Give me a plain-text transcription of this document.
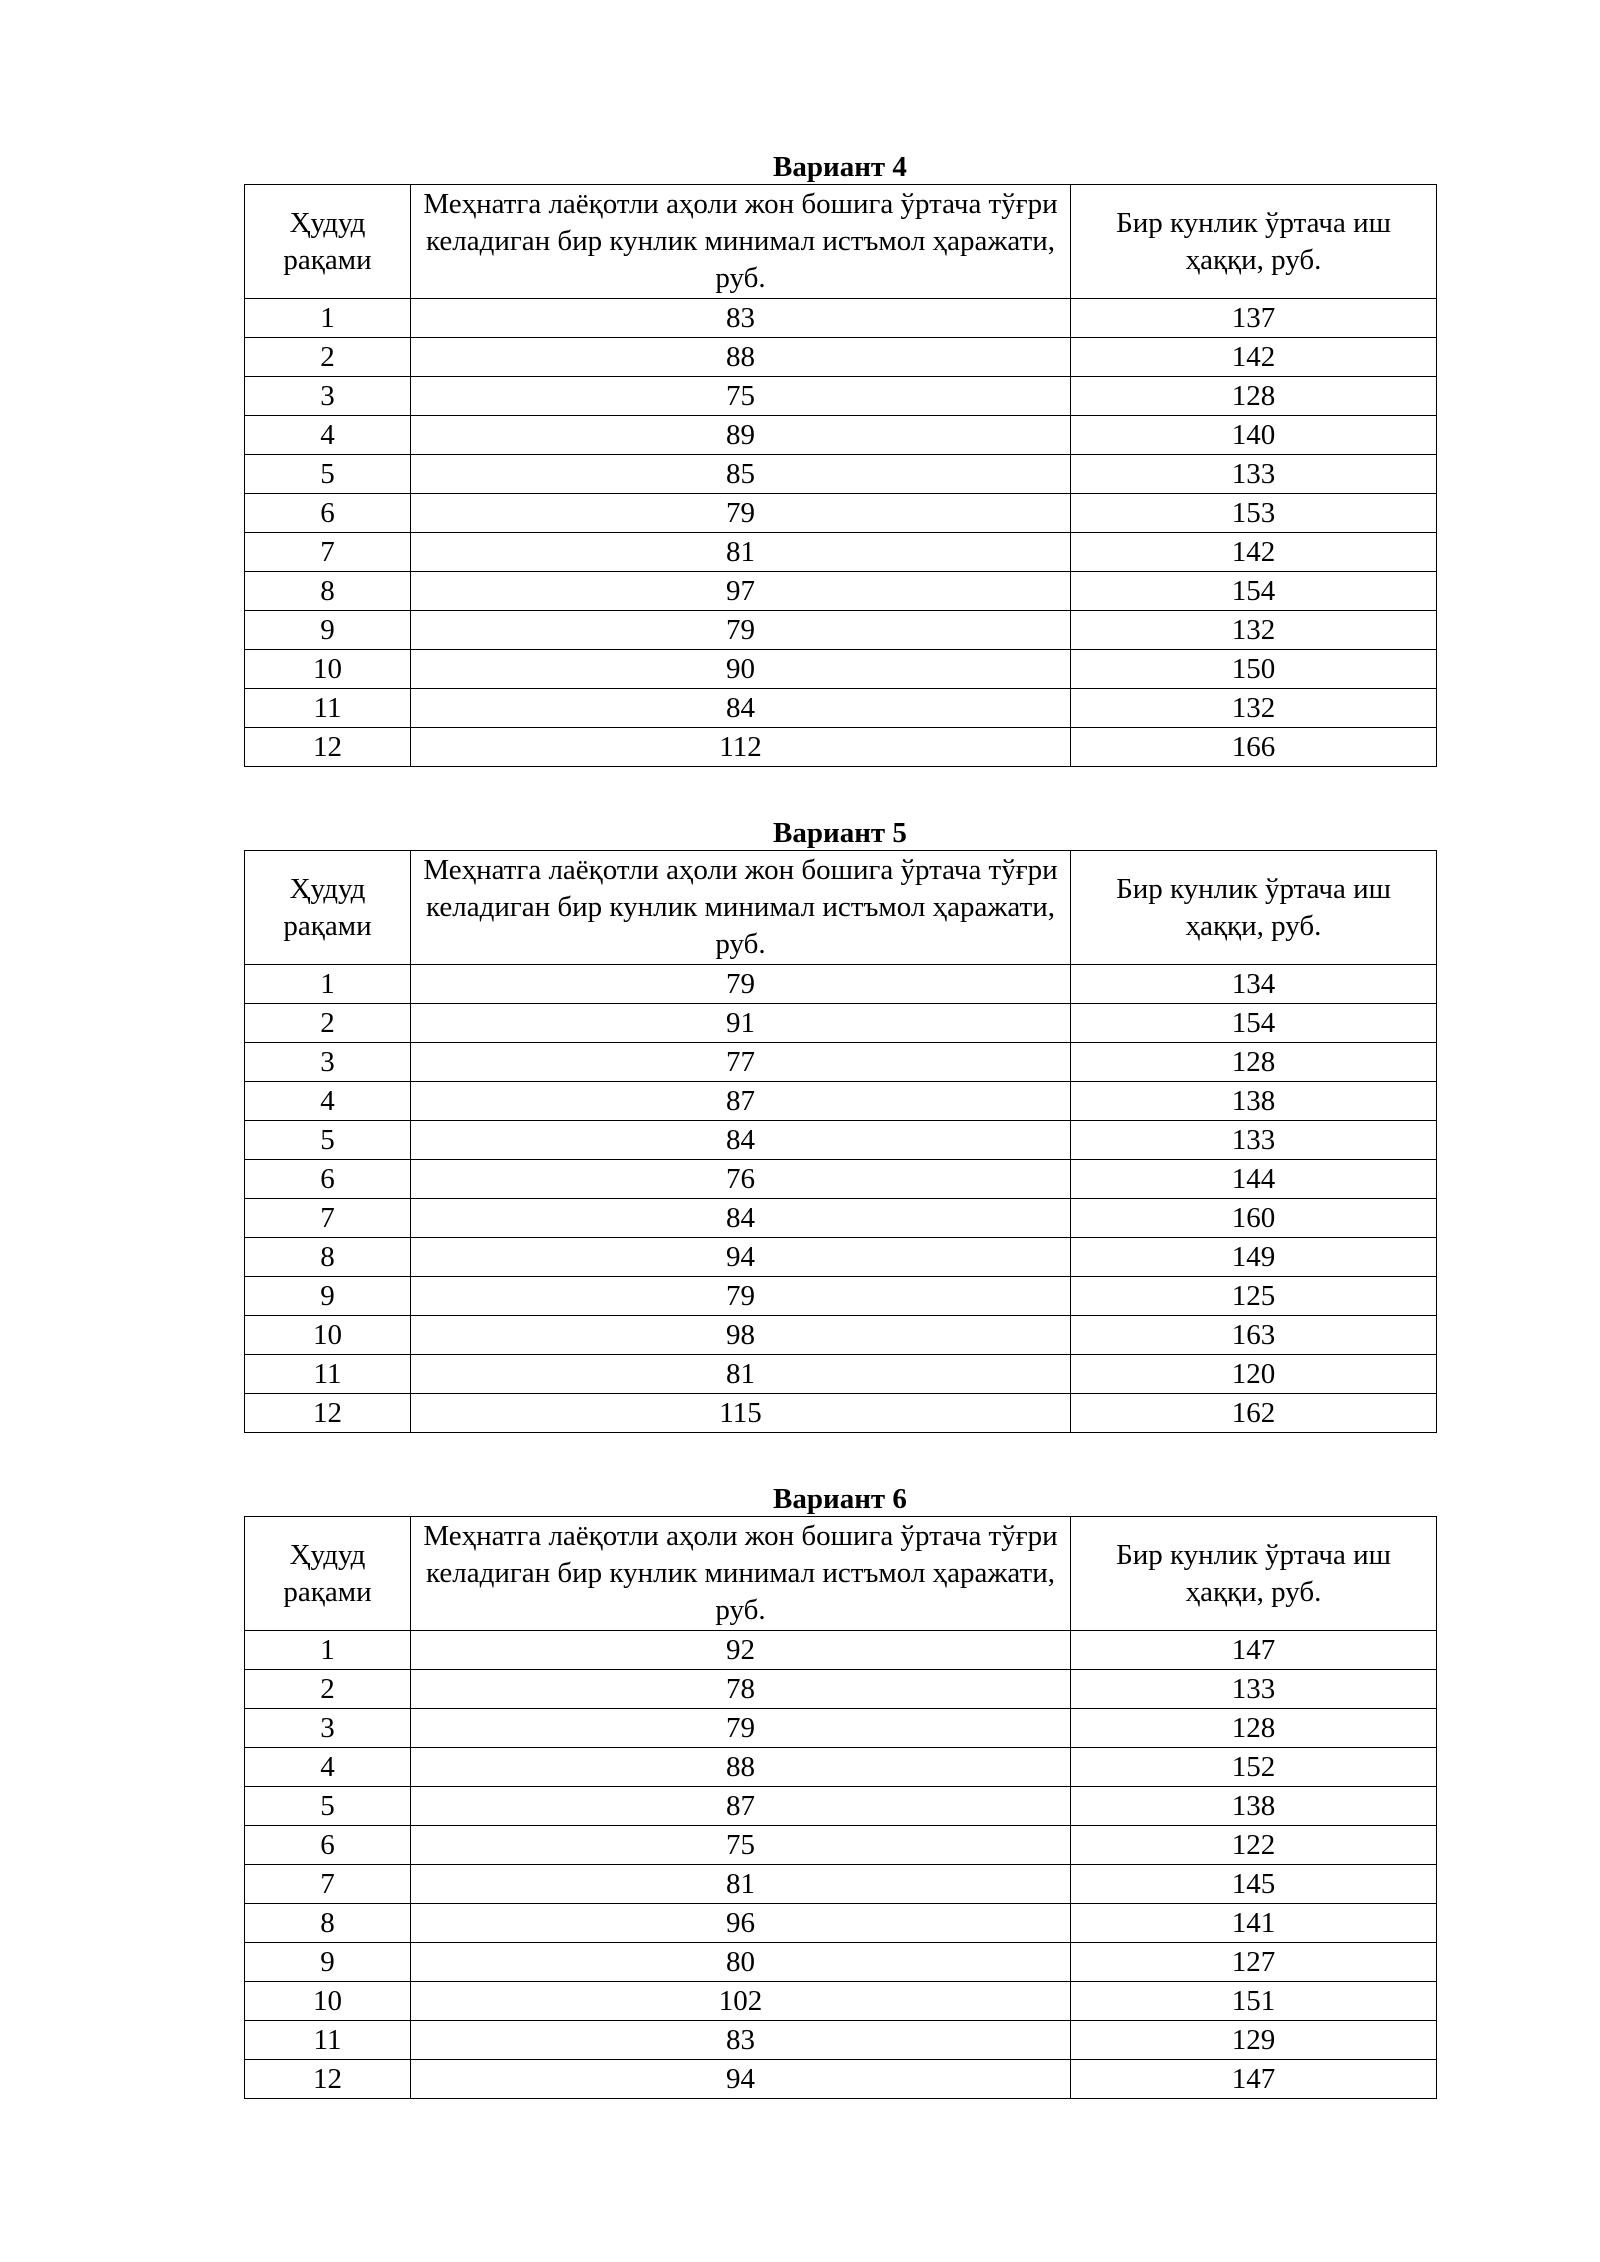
Вариант 4
Ҳудуд рақами	Меҳнатга лаёқотли аҳоли жон бошига ўртача тўғри келадиган бир кунлик минимал истъмол ҳаражати, руб.	Бир кунлик ўртача иш ҳаққи, руб.
1	83	137
2	88	142
3	75	128
4	89	140
5	85	133
6	79	153
7	81	142
8	97	154
9	79	132
10	90	150
11	84	132
12	112	166
Вариант 5
Ҳудуд рақами	Меҳнатга лаёқотли аҳоли жон бошига ўртача тўғри келадиган бир кунлик минимал истъмол ҳаражати, руб.	Бир кунлик ўртача иш ҳаққи, руб.
1	79	134
2	91	154
3	77	128
4	87	138
5	84	133
6	76	144
7	84	160
8	94	149
9	79	125
10	98	163
11	81	120
12	115	162
Вариант 6
Ҳудуд рақами	Меҳнатга лаёқотли аҳоли жон бошига ўртача тўғри келадиган бир кунлик минимал истъмол ҳаражати, руб.	Бир кунлик ўртача иш ҳаққи, руб.
1	92	147
2	78	133
3	79	128
4	88	152
5	87	138
6	75	122
7	81	145
8	96	141
9	80	127
10	102	151
11	83	129
12	94	147
